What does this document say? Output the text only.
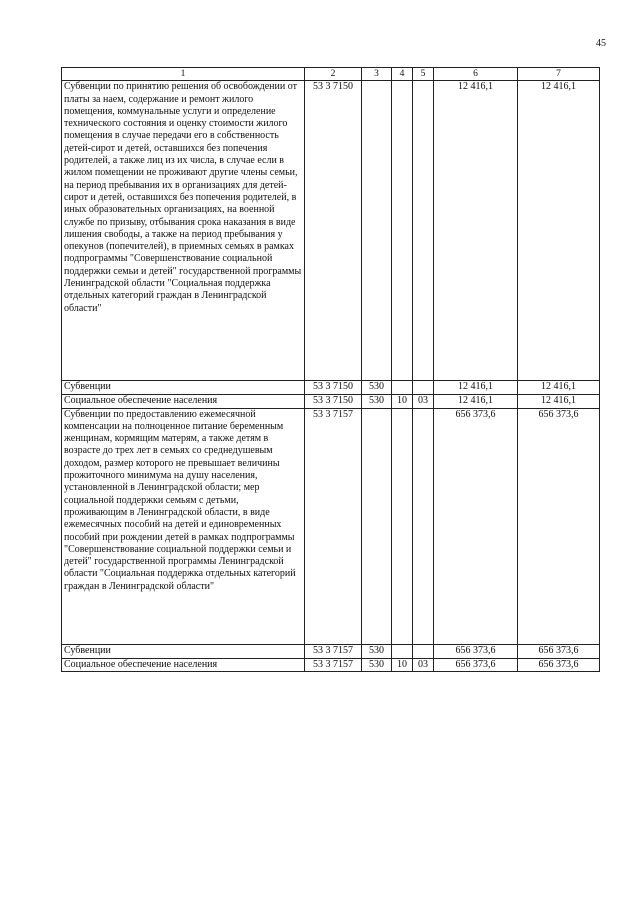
45
1	2	3	4	5	6	7
Субвенции по принятию решения об освобождении от платы за наем, содержание и ремонт жилого помещения, коммунальные услуги и определение технического состояния и оценку стоимости жилого помещения в случае передачи его в собственность детей-сирот и детей, оставшихся без попечения родителей, а также лиц из их числа, в случае если в жилом помещении не проживают другие члены семьи, на период пребывания их в организациях для детей-сирот и детей, оставшихся без попечения родителей, в иных образовательных организациях, на военной службе по призыву, отбывания срока наказания в виде лишения свободы, а также на период пребывания у опекунов (попечителей), в приемных семьях в рамках подпрограммы "Совершенствование социальной поддержки семьи и детей" государственной программы Ленинградской области "Социальная поддержка отдельных категорий граждан в Ленинградской области"	53 3 7150				12 416,1	12 416,1
Субвенции	53 3 7150	530			12 416,1	12 416,1
Социальное обеспечение населения	53 3 7150	530	10	03	12 416,1	12 416,1
Субвенции по предоставлению ежемесячной компенсации на полноценное питание беременным женщинам, кормящим матерям, а также детям в возрасте до трех лет в семьях со среднедушевым доходом, размер которого не превышает величины прожиточного минимума на душу населения, установленной в Ленинградской области; мер социальной поддержки семьям с детьми, проживающим в Ленинградской области, в виде ежемесячных пособий на детей и единовременных пособий при рождении детей в рамках подпрограммы "Совершенствование социальной поддержки семьи и детей" государственной программы Ленинградской области "Социальная поддержка отдельных категорий граждан в Ленинградской области"	53 3 7157				656 373,6	656 373,6
Субвенции	53 3 7157	530			656 373,6	656 373,6
Социальное обеспечение населения	53 3 7157	530	10	03	656 373,6	656 373,6
